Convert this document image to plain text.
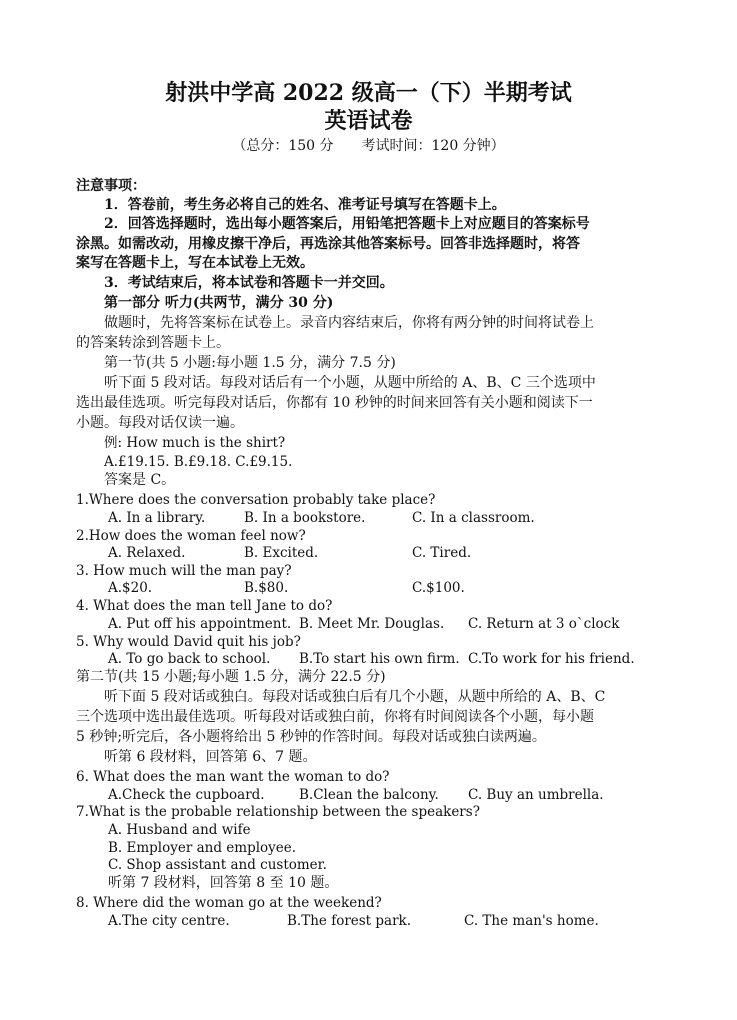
射洪中学高 2022 级高一（下）半期考试
英语试卷
（总分：150 分　　考试时间：120 分钟）
注意事项：
1．答卷前，考生务必将自己的姓名、准考证号填写在答题卡上。
2．回答选择题时，选出每小题答案后，用铅笔把答题卡上对应题目的答案标号
涂黑。如需改动，用橡皮擦干净后，再选涂其他答案标号。回答非选择题时，将答
案写在答题卡上，写在本试卷上无效。
3．考试结束后，将本试卷和答题卡一并交回。
第一部分 听力(共两节，满分 30 分)
做题时，先将答案标在试卷上。录音内容结束后，你将有两分钟的时间将试卷上
的答案转涂到答题卡上。
第一节(共 5 小题:每小题 1.5 分，满分 7.5 分)
听下面 5 段对话。每段对话后有一个小题，从题中所给的 A、B、C 三个选项中
选出最佳选项。听完每段对话后，你都有 10 秒钟的时间来回答有关小题和阅读下一
小题。每段对话仅读一遍。
例: How much is the shirt?
A.£19.15. B.£9.18. C.£9.15.
答案是 C。
1.Where does the conversation probably take place?
A. In a library.	B. In a bookstore.	C. In a classroom.
2.How does the woman feel now?
A. Relaxed.	B. Excited.	C. Tired.
3. How much will the man pay?
A.$20.	B.$80.	C.$100.
4. What does the man tell Jane to do?
A. Put off his appointment. B. Meet Mr. Douglas. C. Return at 3 o`clock
5. Why would David quit his job?
A. To go back to school. B.To start his own firm. C.To work for his friend.
第二节(共 15 小题;每小题 1.5 分，满分 22.5 分)
听下面 5 段对话或独白。每段对话或独白后有几个小题，从题中所给的 A、B、C
三个选项中选出最佳选项。听每段对话或独白前，你将有时间阅读各个小题，每小题
5 秒钟;听完后，各小题将给出 5 秒钟的作答时间。每段对话或独白读两遍。
听第 6 段材料，回答第 6、7 题。
6. What does the man want the woman to do?
A.Check the cupboard.	B.Clean the balcony. C. Buy an umbrella.
7.What is the probable relationship between the speakers?
A. Husband and wife
B. Employer and employee.
C. Shop assistant and customer.
听第 7 段材料，回答第 8 至 10 题。
8. Where did the woman go at the weekend?
A.The city centre.	B.The forest park.	C. The man's home.
